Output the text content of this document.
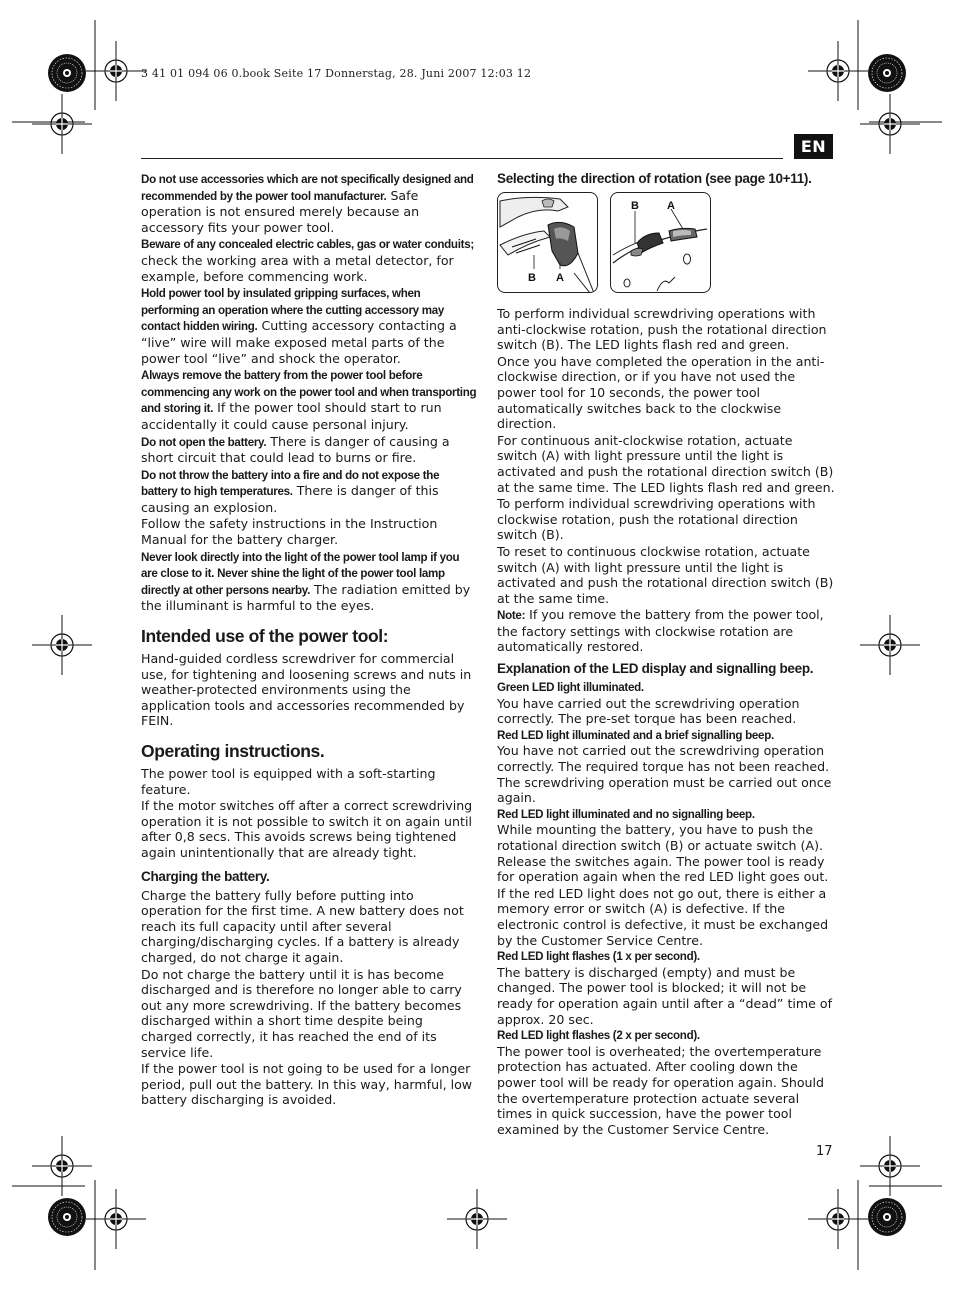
3 41 01 094 06 0.book Seite 17 Donnerstag, 28. Juni 2007 12:03 12
EN

Do not use accessories which are not specifically designed and recommended by the power tool manufacturer. Safe operation is not ensured merely because an accessory fits your power tool.

Beware of any concealed electric cables, gas or water conduits; check the working area with a metal detector, for example, before commencing work.

Hold power tool by insulated gripping surfaces, when performing an operation where the cutting accessory may contact hidden wiring. Cutting accessory contacting a “live” wire will make exposed metal parts of the power tool “live” and shock the operator.

Always remove the battery from the power tool before commencing any work on the power tool and when transporting and storing it. If the power tool should start to run accidentally it could cause personal injury.

Do not open the battery. There is danger of causing a short circuit that could lead to burns or fire.

Do not throw the battery into a fire and do not expose the battery to high temperatures. There is danger of this causing an explosion.

Follow the safety instructions in the Instruction Manual for the battery charger.

Never look directly into the light of the power tool lamp if you are close to it. Never shine the light of the power tool lamp directly at other persons nearby. The radiation emitted by the illuminant is harmful to the eyes.

Intended use of the power tool:

Hand-guided cordless screwdriver for commercial use, for tightening and loosening screws and nuts in weather-protected environments using the application tools and accessories recommended by FEIN.

Operating instructions.

The power tool is equipped with a soft-starting feature.

If the motor switches off after a correct screwdriving operation it is not possible to switch it on again until after 0,8 secs. This avoids screws being tightened again unintentionally that are already tight.

Charging the battery.

Charge the battery fully before putting into operation for the first time. A new battery does not reach its full capacity until after several charging/discharging cycles. If a battery is already charged, do not charge it again.

Do not charge the battery until it is has become discharged and is therefore no longer able to carry out any more screwdriving. If the battery becomes discharged within a short time despite being charged correctly, it has reached the end of its service life.

If the power tool is not going to be used for a longer period, pull out the battery. In this way, harmful, low battery discharging is avoided.

Selecting the direction of rotation (see page 10+11).
B A
B	A

To perform individual screwdriving operations with anti-clockwise rotation, push the rotational direction switch (B). The LED lights flash red and green.

Once you have completed the operation in the anti-clockwise direction, or if you have not used the power tool for 10 seconds, the power tool automatically switches back to the clockwise direction.

For continuous anit-clockwise rotation, actuate switch (A) with light pressure until the light is activated and push the rotational direction switch (B) at the same time. The LED lights flash red and green.

To perform individual screwdriving operations with clockwise rotation, push the rotational direction switch (B).

To reset to continuous clockwise rotation, actuate switch (A) with light pressure until the light is activated and push the rotational direction switch (B) at the same time.

Note: If you remove the battery from the power tool, the factory settings with clockwise rotation are automatically restored.

Explanation of the LED display and signalling beep.
Green LED light illuminated.

You have carried out the screwdriving operation correctly. The pre-set torque has been reached.

Red LED light illuminated and a brief signalling beep.

You have not carried out the screwdriving operation correctly. The required torque has not been reached. The screwdriving operation must be carried out once again.

Red LED light illuminated and no signalling beep.

While mounting the battery, you have to push the rotational direction switch (B) or actuate switch (A). Release the switches again. The power tool is ready for operation again when the red LED light goes out.

If the red LED light does not go out, there is either a memory error or switch (A) is defective. If the electronic control is defective, it must be exchanged by the Customer Service Centre.

Red LED light flashes (1 x per second).

The battery is discharged (empty) and must be changed. The power tool is blocked; it will not be ready for operation again until after a “dead” time of approx. 20 sec.

Red LED light flashes (2 x per second).

The power tool is overheated; the overtemperature protection has actuated. After cooling down the power tool will be ready for operation again. Should the overtemperature protection actuate several times in quick succession, have the power tool examined by the Customer Service Centre.

17
